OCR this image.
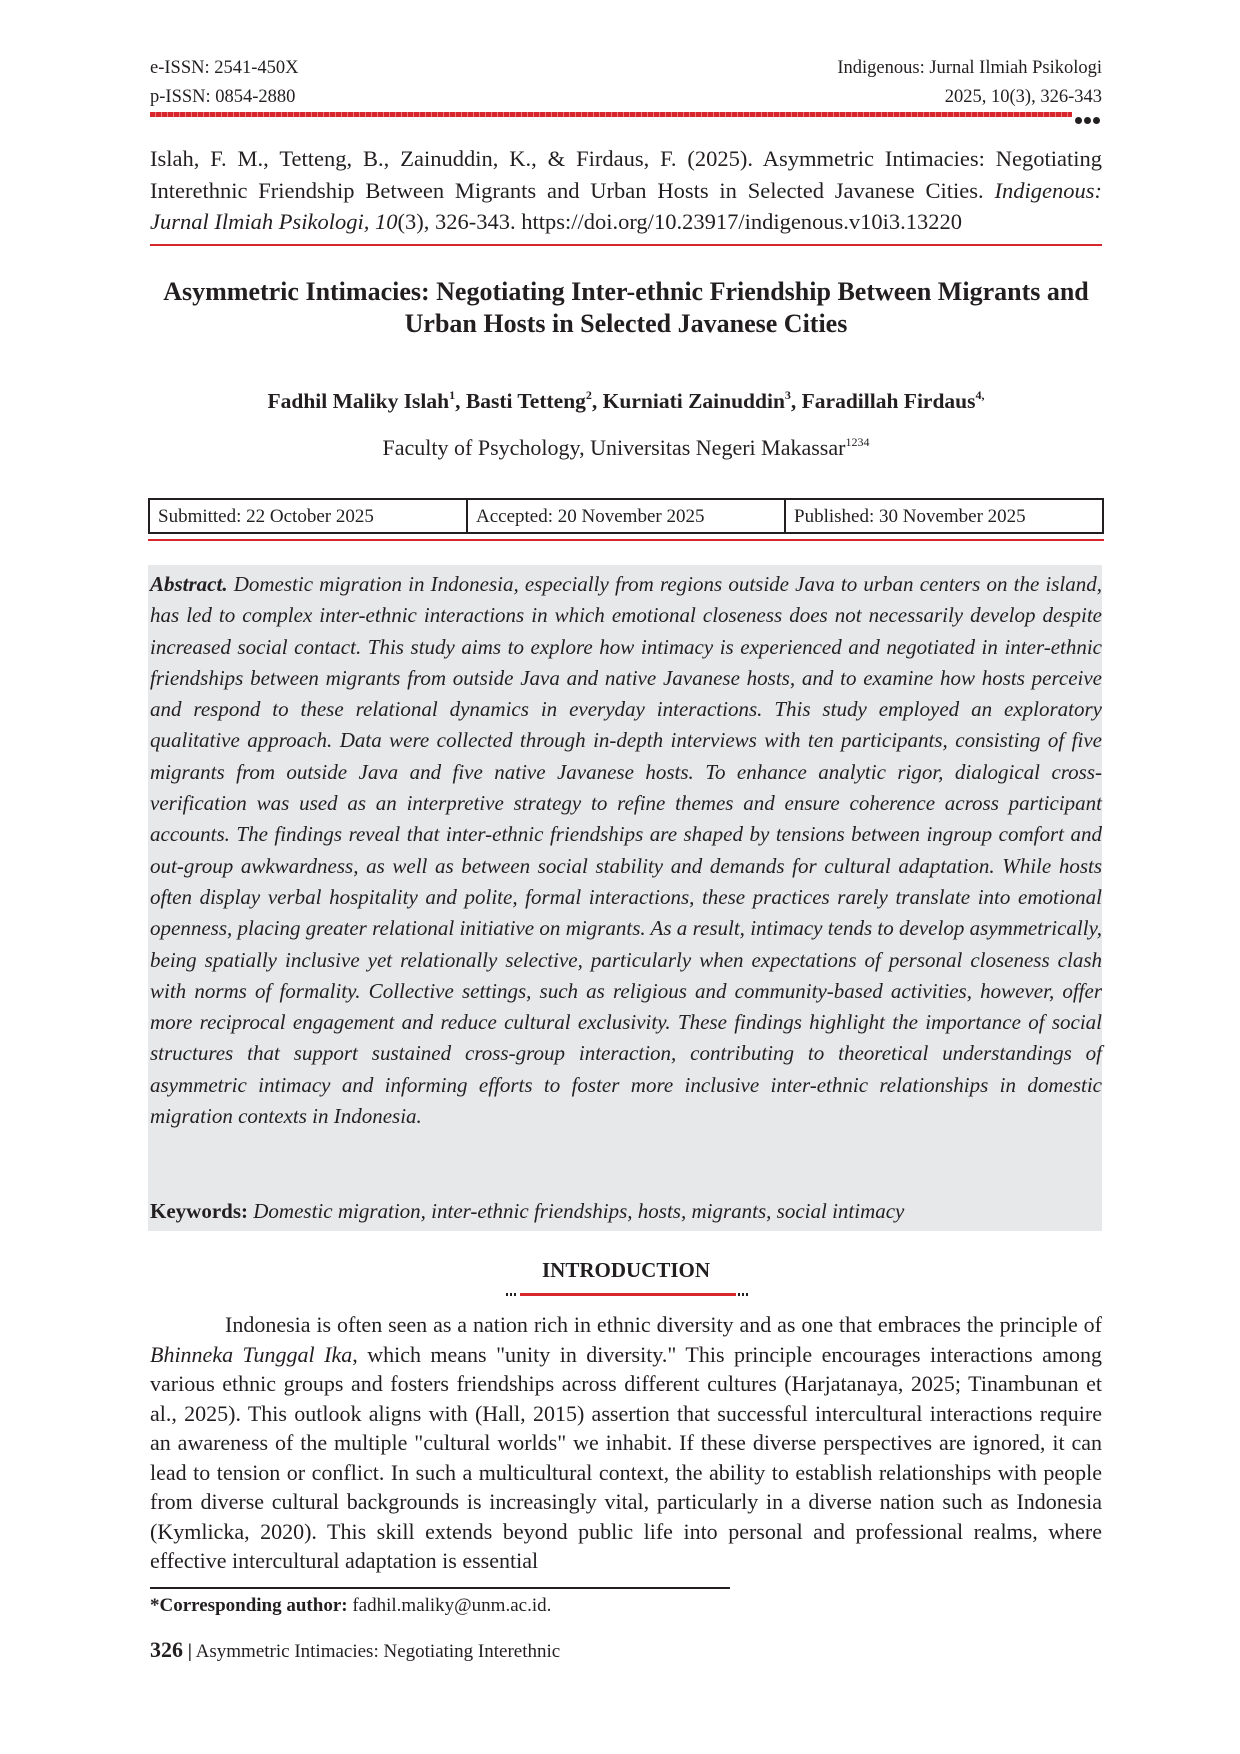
e-ISSN: 2541-450X
p-ISSN: 0854-2880
Indigenous: Jurnal Ilmiah Psikologi
2025, 10(3), 326-343
Islah, F. M., Tetteng, B., Zainuddin, K., & Firdaus, F. (2025). Asymmetric Intimacies: Negotiating Interethnic Friendship Between Migrants and Urban Hosts in Selected Javanese Cities. Indigenous: Jurnal Ilmiah Psikologi, 10(3), 326-343. https://doi.org/10.23917/indigenous.v10i3.13220
Asymmetric Intimacies: Negotiating Inter-ethnic Friendship Between Migrants and Urban Hosts in Selected Javanese Cities
Fadhil Maliky Islah$^1$, Basti Tetteng$^2$, Kurniati Zainuddin$^3$, Faradillah Firdaus$^{4,}$
Faculty of Psychology, Universitas Negeri Makassar$^{1234}$
Submitted: 22 October 2025	Accepted: 20 November 2025	Published: 30 November 2025
Abstract. Domestic migration in Indonesia, especially from regions outside Java to urban centers on the island, has led to complex inter-ethnic interactions in which emotional closeness does not necessarily develop despite increased social contact. This study aims to explore how intimacy is experienced and negotiated in inter-ethnic friendships between migrants from outside Java and native Javanese hosts, and to examine how hosts perceive and respond to these relational dynamics in everyday interactions. This study employed an exploratory qualitative approach. Data were collected through in-depth interviews with ten participants, consisting of five migrants from outside Java and five native Javanese hosts. To enhance analytic rigor, dialogical cross-verification was used as an interpretive strategy to refine themes and ensure coherence across participant accounts. The findings reveal that inter-ethnic friendships are shaped by tensions between ingroup comfort and out-group awkwardness, as well as between social stability and demands for cultural adaptation. While hosts often display verbal hospitality and polite, formal interactions, these practices rarely translate into emotional openness, placing greater relational initiative on migrants. As a result, intimacy tends to develop asymmetrically, being spatially inclusive yet relationally selective, particularly when expectations of personal closeness clash with norms of formality. Collective settings, such as religious and community-based activities, however, offer more reciprocal engagement and reduce cultural exclusivity. These findings highlight the importance of social structures that support sustained cross-group interaction, contributing to theoretical understandings of asymmetric intimacy and informing efforts to foster more inclusive inter-ethnic relationships in domestic migration contexts in Indonesia.
Keywords: Domestic migration, inter-ethnic friendships, hosts, migrants, social intimacy
INTRODUCTION
Indonesia is often seen as a nation rich in ethnic diversity and as one that embraces the principle of Bhinneka Tunggal Ika, which means "unity in diversity." This principle encourages interactions among various ethnic groups and fosters friendships across different cultures (Harjatanaya, 2025; Tinambunan et al., 2025). This outlook aligns with (Hall, 2015) assertion that successful intercultural interactions require an awareness of the multiple "cultural worlds" we inhabit. If these diverse perspectives are ignored, it can lead to tension or conflict. In such a multicultural context, the ability to establish relationships with people from diverse cultural backgrounds is increasingly vital, particularly in a diverse nation such as Indonesia (Kymlicka, 2020). This skill extends beyond public life into personal and professional realms, where effective intercultural adaptation is essential
*Corresponding author: fadhil.maliky@unm.ac.id.
326 | Asymmetric Intimacies: Negotiating Interethnic
